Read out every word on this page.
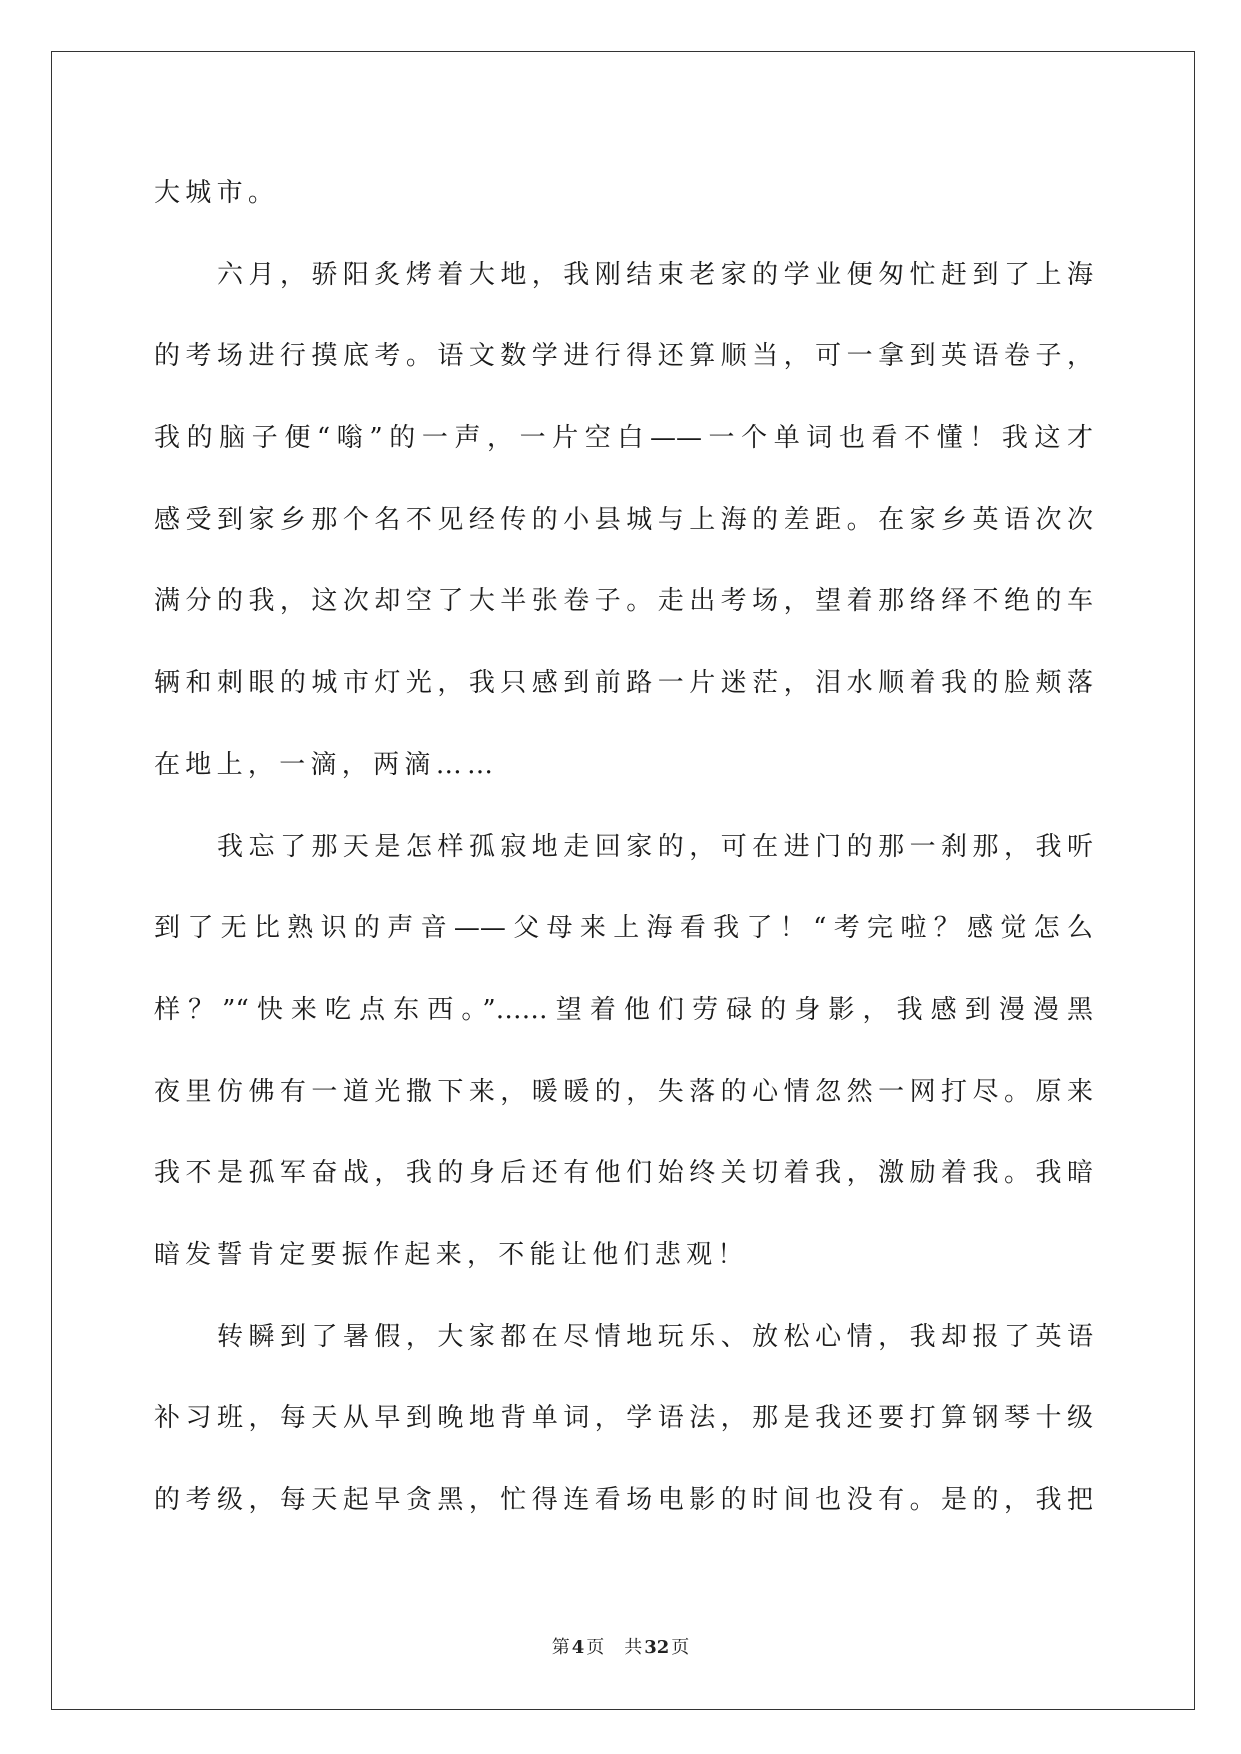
大城市。
六月，骄阳炙烤着大地，我刚结束老家的学业便匆忙赶到了上海
的考场进行摸底考。语文数学进行得还算顺当，可一拿到英语卷子，
我的脑子便“嗡”的一声，一片空白——一个单词也看不懂！我这才
感受到家乡那个名不见经传的小县城与上海的差距。在家乡英语次次
满分的我，这次却空了大半张卷子。走出考场，望着那络绎不绝的车
辆和刺眼的城市灯光，我只感到前路一片迷茫，泪水顺着我的脸颊落
在地上，一滴，两滴……
我忘了那天是怎样孤寂地走回家的，可在进门的那一刹那，我听
到了无比熟识的声音——父母来上海看我了！“考完啦？感觉怎么
样？”“快来吃点东西。”……望着他们劳碌的身影，我感到漫漫黑
夜里仿佛有一道光撒下来，暖暖的，失落的心情忽然一网打尽。原来
我不是孤军奋战，我的身后还有他们始终关切着我，激励着我。我暗
暗发誓肯定要振作起来，不能让他们悲观！
转瞬到了暑假，大家都在尽情地玩乐、放松心情，我却报了英语
补习班，每天从早到晚地背单词，学语法，那是我还要打算钢琴十级
的考级，每天起早贪黑，忙得连看场电影的时间也没有。是的，我把
第 4 页 共 32 页
